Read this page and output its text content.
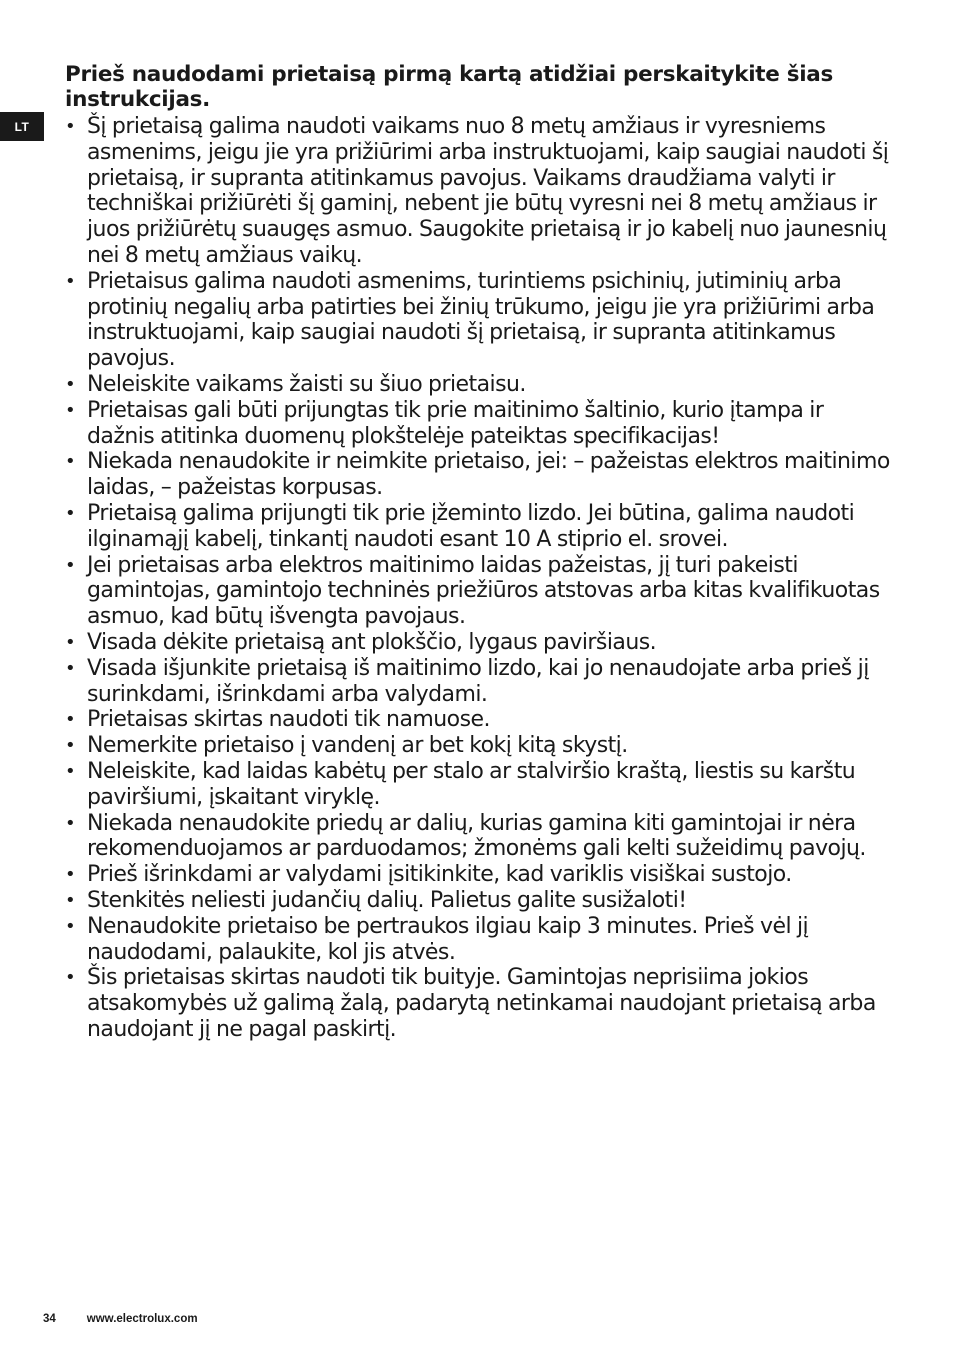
LT
Prieš naudodami prietaisą pirmą kartą atidžiai perskaitykite šias instrukcijas.
• Šį prietaisą galima naudoti vaikams nuo 8 metų amžiaus ir vyresniems asmenims, jeigu jie yra prižiūrimi arba instruktuojami, kaip saugiai naudoti šį prietaisą, ir supranta atitinkamus pavojus. Vaikams draudžiama valyti ir techniškai prižiūrėti šį gaminį, nebent jie būtų vyresni nei 8 metų amžiaus ir juos prižiūrėtų suaugęs asmuo. Saugokite prietaisą ir jo kabelį nuo jaunesnių nei 8 metų amžiaus vaikų.
• Prietaisus galima naudoti asmenims, turintiems psichinių, jutiminių arba protinių negalių arba patirties bei žinių trūkumo, jeigu jie yra prižiūrimi arba instruktuojami, kaip saugiai naudoti šį prietaisą, ir supranta atitinkamus pavojus.
• Neleiskite vaikams žaisti su šiuo prietaisu.
• Prietaisas gali būti prijungtas tik prie maitinimo šaltinio, kurio įtampa ir dažnis atitinka duomenų plokštelėje pateiktas specifikacijas!
• Niekada nenaudokite ir neimkite prietaiso, jei: – pažeistas elektros maitinimo laidas, – pažeistas korpusas.
• Prietaisą galima prijungti tik prie įžeminto lizdo. Jei būtina, galima naudoti ilginamąjį kabelį, tinkantį naudoti esant 10 A stiprio el. srovei.
• Jei prietaisas arba elektros maitinimo laidas pažeistas, jį turi pakeisti gamintojas, gamintojo techninės priežiūros atstovas arba kitas kvalifikuotas asmuo, kad būtų išvengta pavojaus.
• Visada dėkite prietaisą ant plokščio, lygaus paviršiaus.
• Visada išjunkite prietaisą iš maitinimo lizdo, kai jo nenaudojate arba prieš jį surinkdami, išrinkdami arba valydami.
• Prietaisas skirtas naudoti tik namuose.
• Nemerkite prietaiso į vandenį ar bet kokį kitą skystį.
• Neleiskite, kad laidas kabėtų per stalo ar stalviršio kraštą, liestis su karštu paviršiumi, įskaitant viryklę.
• Niekada nenaudokite priedų ar dalių, kurias gamina kiti gamintojai ir nėra rekomenduojamos ar parduodamos; žmonėms gali kelti sužeidimų pavojų.
• Prieš išrinkdami ar valydami įsitikinkite, kad variklis visiškai sustojo.
• Stenkitės neliesti judančių dalių. Palietus galite susižaloti!
• Nenaudokite prietaiso be pertraukos ilgiau kaip 3 minutes. Prieš vėl jį naudodami, palaukite, kol jis atvės.
• Šis prietaisas skirtas naudoti tik buityje. Gamintojas neprisiima jokios atsakomybės už galimą žalą, padarytą netinkamai naudojant prietaisą arba naudojant jį ne pagal paskirtį.
34	www.electrolux.com
